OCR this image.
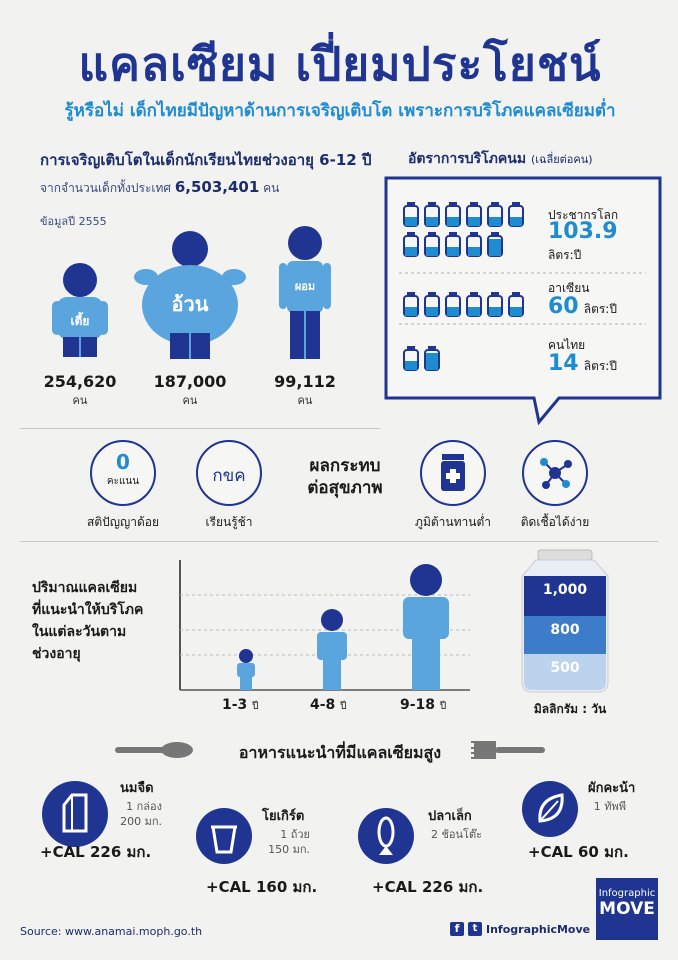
แคลเซียม เปี่ยมประโยชน์
รู้หรือไม่ เด็กไทยมีปัญหาด้านการเจริญเติบโต เพราะการบริโภคแคลเซียมต่ำ
การเจริญเติบโตในเด็กนักเรียนไทยช่วงอายุ 6-12 ปี
จากจำนวนเด็กทั้งประเทศ 6,503,401 คน
ข้อมูลปี 2555
เตี้ย
อ้วน
ผอม
254,620
คน
187,000
คน
99,112
คน
อัตราการบริโภคนม (เฉลี่ยต่อคน)
ประชากรโลก
103.9
ลิตร:ปี
อาเซียน
60 ลิตร:ปี
คนไทย
14 ลิตร:ปี
0
คะแนน	กขค	ผลกระทบ
ต่อสุขภาพ
สติปัญญาด้อย	เรียนรู้ช้า	ภูมิต้านทานต่ำ	ติดเชื้อได้ง่าย
ปริมาณแคลเซียม
ที่แนะนำให้บริโภค
ในแต่ละวันตาม
ช่วงอายุ
1-3 ปี	4-8 ปี	9-18 ปี
1,000
800
500
มิลลิกรัม : วัน
อาหารแนะนำที่มีแคลเซียมสูง
นมจืด
1 กล่อง
200 มก.
+CAL 226 มก.
โยเกิร์ต
1 ถ้วย
150 มก.
+CAL 160 มก.
ปลาเล็ก
2 ช้อนโต๊ะ
+CAL 226 มก.
ผักคะน้า
1 ทัพพี
+CAL 60 มก.
Source: www.anamai.moph.go.th	f	t InfographicMove
Infographic
MOVE
